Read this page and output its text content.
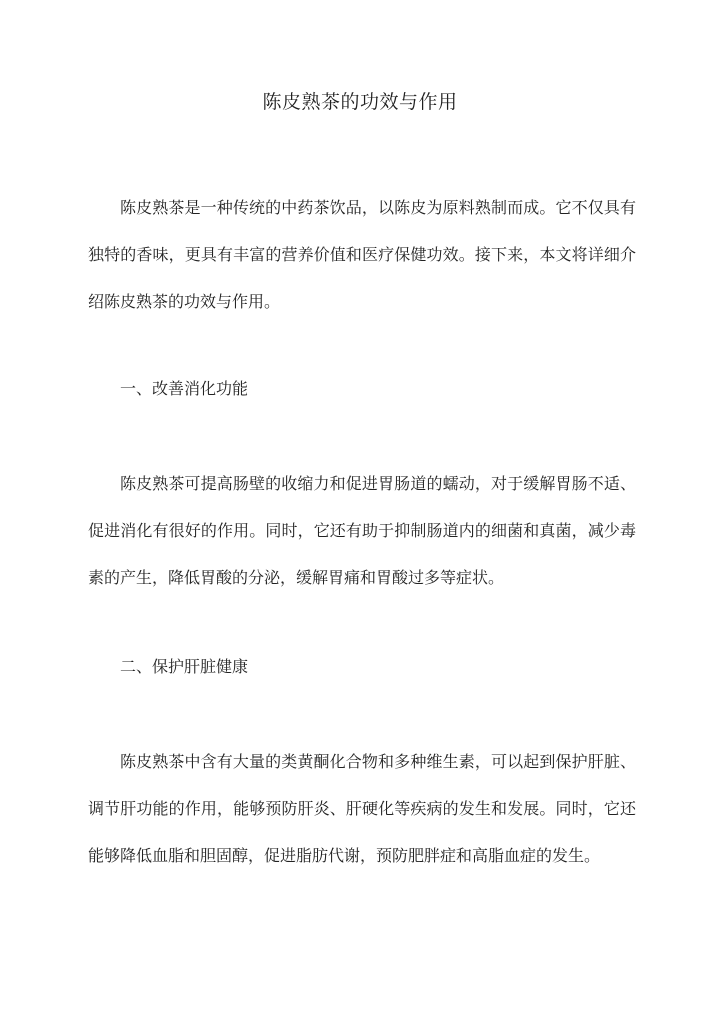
陈皮熟茶的功效与作用

陈皮熟茶是一种传统的中药茶饮品，以陈皮为原料熟制而成。它不仅具有独特的香味，更具有丰富的营养价值和医疗保健功效。接下来，本文将详细介绍陈皮熟茶的功效与作用。

一、改善消化功能

陈皮熟茶可提高肠壁的收缩力和促进胃肠道的蠕动，对于缓解胃肠不适、促进消化有很好的作用。同时，它还有助于抑制肠道内的细菌和真菌，减少毒素的产生，降低胃酸的分泌，缓解胃痛和胃酸过多等症状。

二、保护肝脏健康

陈皮熟茶中含有大量的类黄酮化合物和多种维生素，可以起到保护肝脏、调节肝功能的作用，能够预防肝炎、肝硬化等疾病的发生和发展。同时，它还能够降低血脂和胆固醇，促进脂肪代谢，预防肥胖症和高脂血症的发生。
